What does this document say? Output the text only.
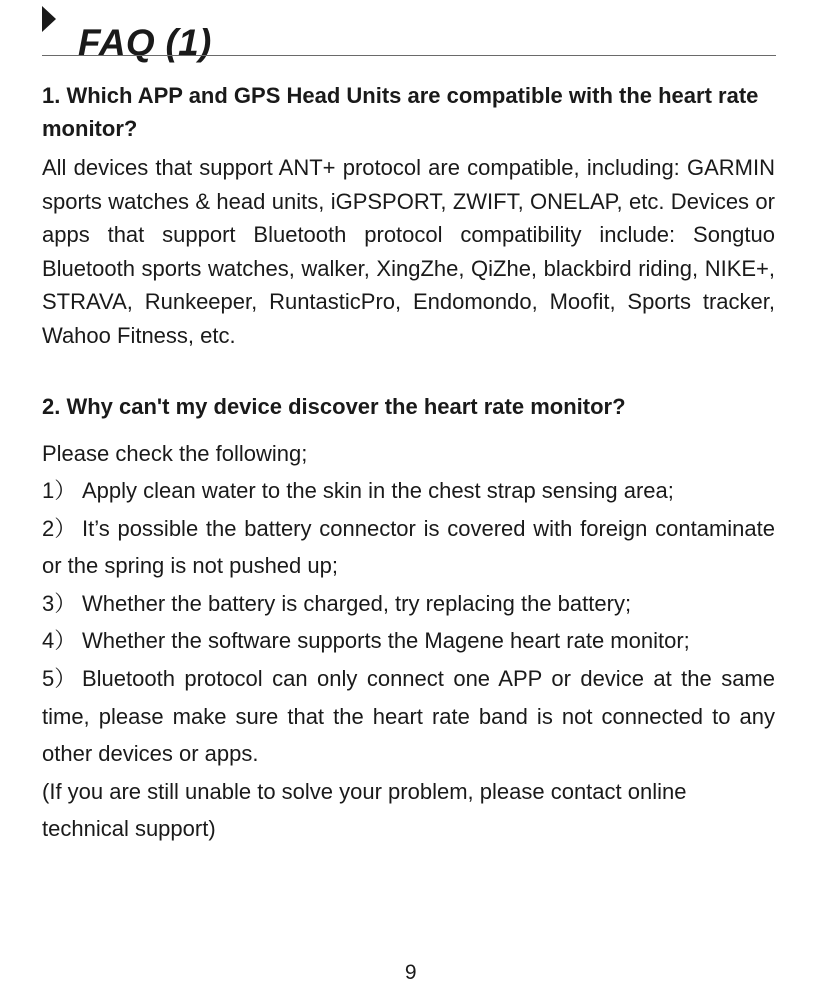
FAQ (1)
1. Which APP and GPS Head Units are compatible with the heart rate monitor?

All devices that support ANT+ protocol are compatible, including: GARMIN sports watches & head units, iGPSPORT, ZWIFT, ONELAP, etc. Devices or apps that support Bluetooth protocol compatibility include: Songtuo Bluetooth sports watches, walker, XingZhe, QiZhe, blackbird riding, NIKE+, STRAVA, Runkeeper, RuntasticPro, Endomondo, Moofit, Sports tracker, Wahoo Fitness, etc.

2. Why can't my device discover the heart rate monitor?

Please check the following;

1） Apply clean water to the skin in the chest strap sensing area;
2） It’s possible the battery connector is covered with foreign contaminate or the spring is not pushed up;
3） Whether the battery is charged, try replacing the battery;
4） Whether the software supports the Magene heart rate monitor;
5） Bluetooth protocol can only connect one APP or device at the same time, please make sure that the heart rate band is not connected to any other devices or apps.

(If you are still unable to solve your problem, please contact online technical support)

9
